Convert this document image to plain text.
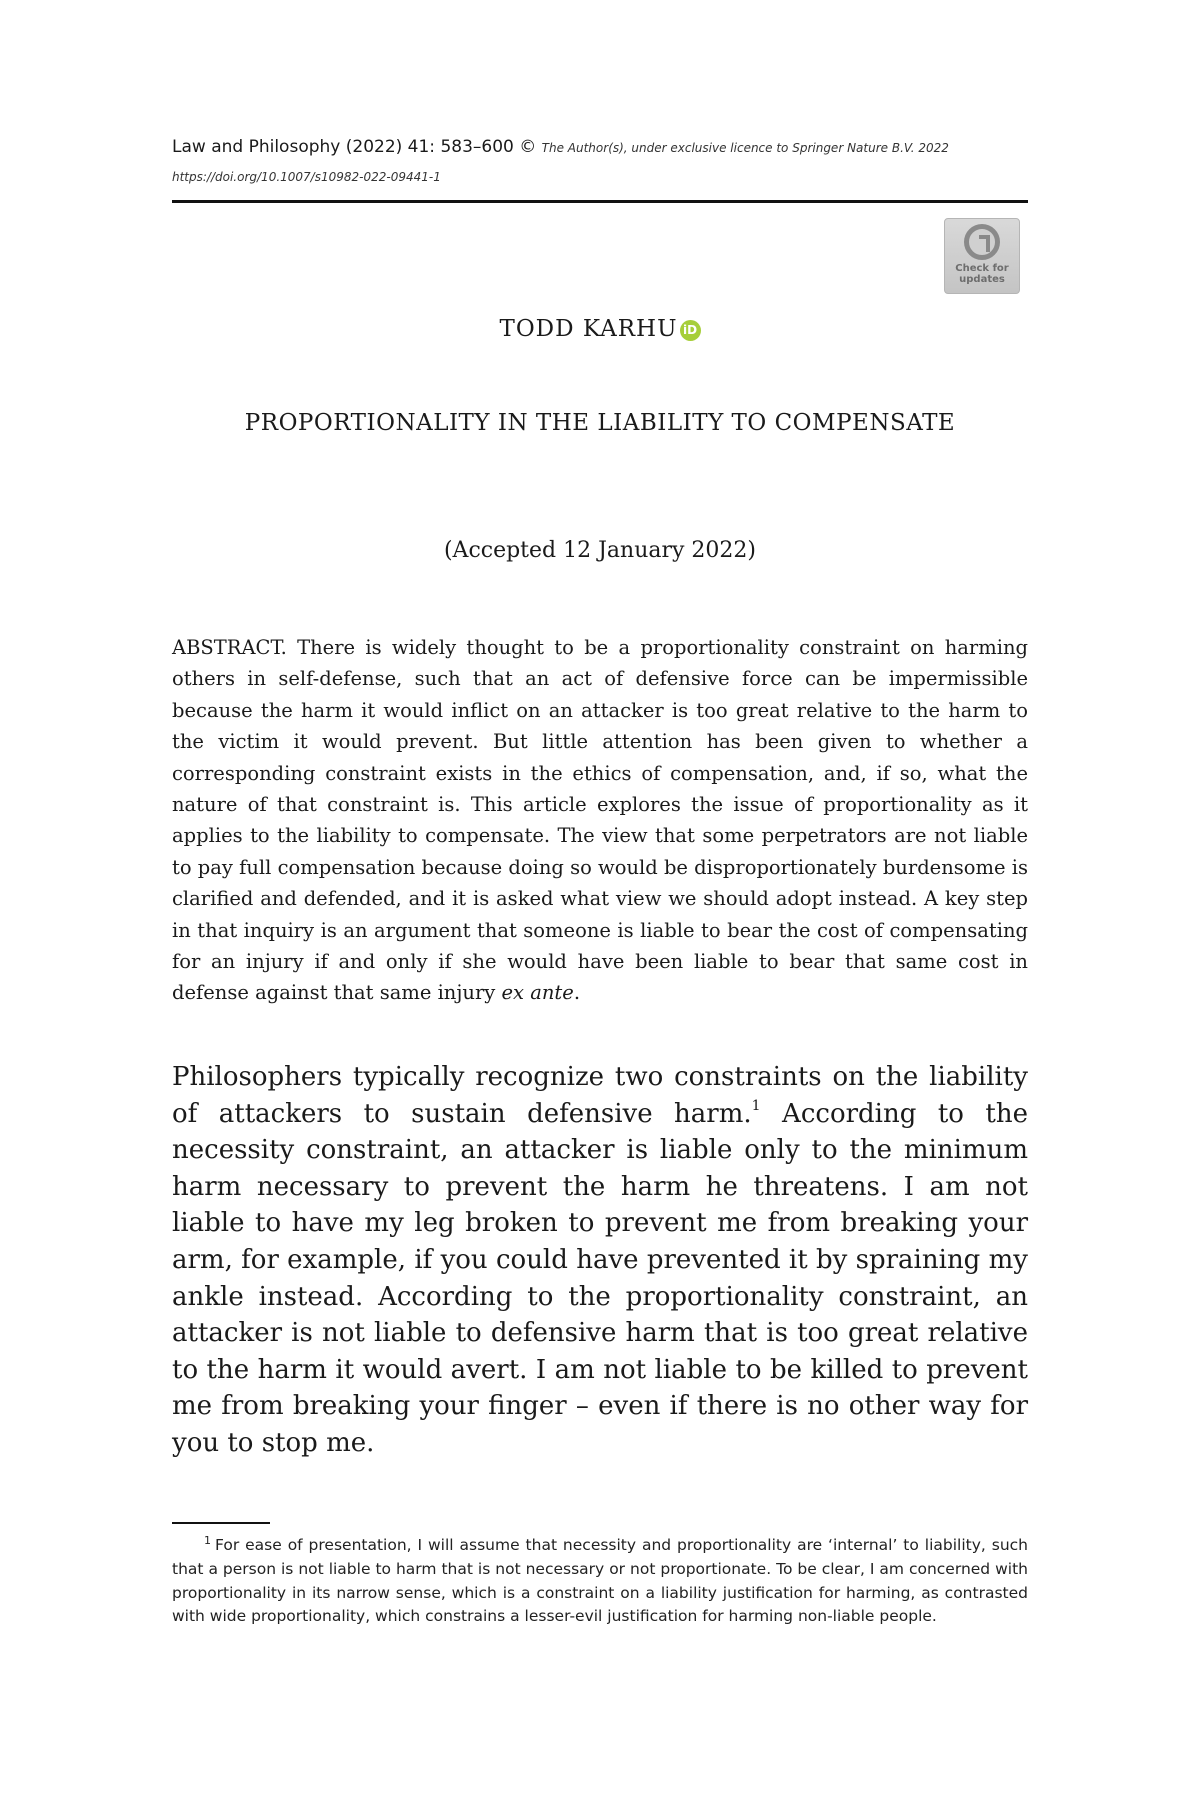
Law and Philosophy (2022) 41: 583–600 © The Author(s), under exclusive licence to Springer Nature B.V. 2022
https://doi.org/10.1007/s10982-022-09441-1
Check for
updates
TODD KARHU iD
PROPORTIONALITY IN THE LIABILITY TO COMPENSATE
(Accepted 12 January 2022)

ABSTRACT. There is widely thought to be a proportionality constraint on harming others in self-defense, such that an act of defensive force can be impermissible because the harm it would inflict on an attacker is too great relative to the harm to the victim it would prevent. But little attention has been given to whether a corresponding constraint exists in the ethics of compensation, and, if so, what the nature of that constraint is. This article explores the issue of proportionality as it applies to the liability to compensate. The view that some perpetrators are not liable to pay full compensation because doing so would be disproportionately burdensome is clarified and defended, and it is asked what view we should adopt instead. A key step in that inquiry is an argument that someone is liable to bear the cost of compensating for an injury if and only if she would have been liable to bear that same cost in defense against that same injury ex ante.

Philosophers typically recognize two constraints on the liability of attackers to sustain defensive harm.$^1$ According to the necessity constraint, an attacker is liable only to the minimum harm necessary to prevent the harm he threatens. I am not liable to have my leg broken to prevent me from breaking your arm, for example, if you could have prevented it by spraining my ankle instead. According to the proportionality constraint, an attacker is not liable to defensive harm that is too great relative to the harm it would avert. I am not liable to be killed to prevent me from breaking your finger – even if there is no other way for you to stop me.

$^1$ For ease of presentation, I will assume that necessity and proportionality are ‘internal’ to liability, such that a person is not liable to harm that is not necessary or not proportionate. To be clear, I am concerned with proportionality in its narrow sense, which is a constraint on a liability justification for harming, as contrasted with wide proportionality, which constrains a lesser-evil justification for harming non-liable people.
